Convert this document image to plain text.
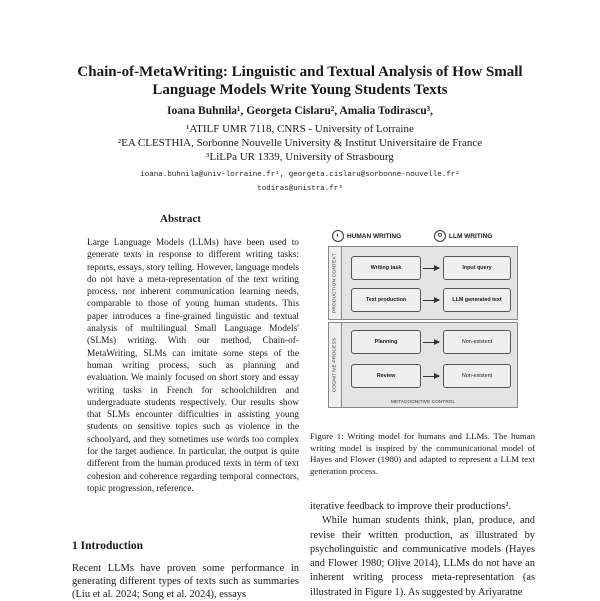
Chain-of-MetaWriting: Linguistic and Textual Analysis of How Small
Language Models Write Young Students Texts
Ioana Buhnila¹, Georgeta Cislaru², Amalia Todirascu³,
¹ATILF UMR 7118, CNRS - University of Lorraine
²EA CLESTHIA, Sorbonne Nouvelle University & Institut Universitaire de France
³LiLPa UR 1339, University of Strasbourg
ioana.buhnila@univ-lorraine.fr¹, georgeta.cislaru@sorbonne-nouvelle.fr²
todiras@unistra.fr³
Abstract
Large Language Models (LLMs) have been used to generate texts in response to different writing tasks: reports, essays, story telling. However, language models do not have a meta-representation of the text writing process, nor inherent communication learning needs, comparable to those of young human students. This paper introduces a fine-grained linguistic and textual analysis of multilingual Small Language Models' (SLMs) writing. With our method, Chain-of-MetaWriting, SLMs can imitate some steps of the human writing process, such as planning and evaluation. We mainly focused on short story and essay writing tasks in French for schoolchildren and undergraduate students respectively. Our results show that SLMs encounter difficulties in assisting young students on sensitive topics such as violence in the schoolyard, and they sometimes use words too complex for the target audience. In particular, the output is quite different from the human produced texts in term of text cohesion and coherence regarding temporal connectors, topic progression, reference.
1 Introduction
Recent LLMs have proven some performance in generating different types of texts such as summaries (Liu et al. 2024; Song et al. 2024), essays
◐	HUMAN WRITING	⚙ LLM WRITING
PRODUCTION CONTEXT	Writing task	Input query
Text production	LLM generated text
COGNITIVE PROCESS	Planning	Non-existent
Review	Non-existent
METACOGNITIVE CONTROL
Figure 1: Writing model for humans and LLMs. The human writing model is inspired by the communicational model of Hayes and Flower (1980) and adapted to represent a LLM text generation process.

iterative feedback to improve their productions².

While human students think, plan, produce, and revise their written production, as illustrated by psycholinguistic and communicative models (Hayes and Flower 1980; Olive 2014), LLMs do not have an inherent writing process meta-representation (as illustrated in Figure 1). As suggested by Ariyaratne
